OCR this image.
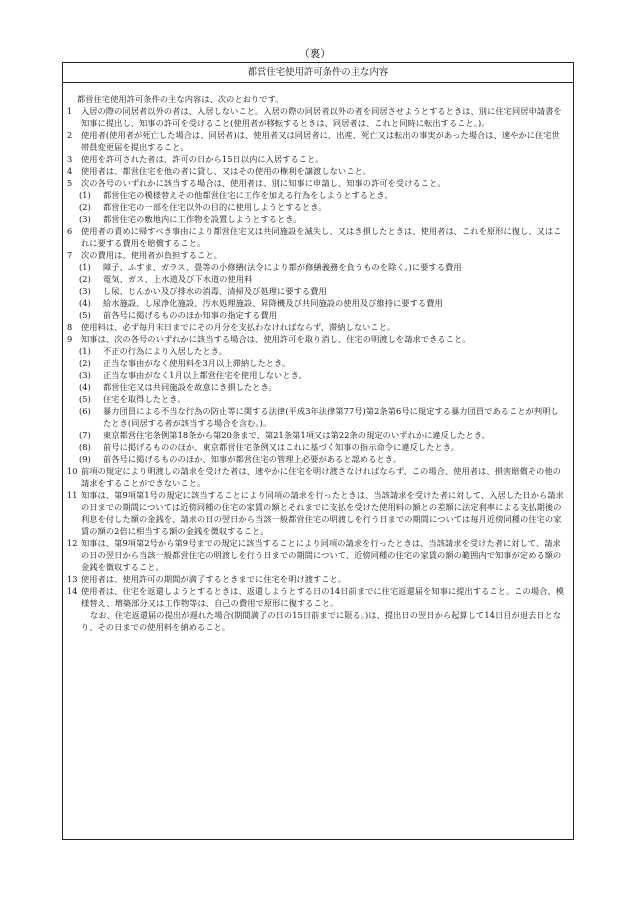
（裏）
都営住宅使用許可条件の主な内容
都営住宅使用許可条件の主な内容は、次のとおりです。
1	入居の際の同居者以外の者は、入居しないこと。入居の際の同居者以外の者を同居させようとするときは、別に住宅同居申請書を知事に提出し、知事の許可を受けること(使用者が移転するときは、同居者は、これと同時に転出すること。)。
2	使用者(使用者が死亡した場合は、同居者)は、使用者又は同居者に、出産、死亡又は転出の事実があった場合は、速やかに住宅世帯員変更届を提出すること。
3	使用を許可された者は、許可の日から15日以内に入居すること。
4	使用者は、都営住宅を他の者に貸し、又はその使用の権利を譲渡しないこと。
5	次の各号のいずれかに該当する場合は、使用者は、別に知事に申請し、知事の許可を受けること。
(1)	都営住宅の模様替えその他都営住宅に工作を加える行為をしようとするとき。
(2)	都営住宅の一部を住宅以外の目的に使用しようとするとき。
(3)	都営住宅の敷地内に工作物を設置しようとするとき。
6	使用者の責めに帰すべき事由により都営住宅又は共同施設を滅失し、又はき損したときは、使用者は、これを原形に復し、又はこれに要する費用を賠償すること。
7	次の費用は、使用者が負担すること。
(1)	障子、ふすま、ガラス、畳等の小修繕(法令により都が修繕義務を負うものを除く。)に要する費用
(2)	電気、ガス、上水道及び下水道の使用料
(3)	し尿、じんかい及び排水の消毒、清掃及び処理に要する費用
(4)	給水施設、し尿浄化施設、汚水処理施設、昇降機及び共同施設の使用及び維持に要する費用
(5)	前各号に掲げるもののほか知事の指定する費用
8	使用料は、必ず毎月末日までにその月分を支払わなければならず、滞納しないこと。
9	知事は、次の各号のいずれかに該当する場合は、使用許可を取り消し、住宅の明渡しを請求できること。
(1)	不正の行為により入居したとき。
(2)	正当な事由がなく使用料を3月以上滞納したとき。
(3)	正当な事由がなく1月以上都営住宅を使用しないとき。
(4)	都営住宅又は共同施設を故意にき損したとき。
(5)	住宅を取得したとき。
(6)	暴力団員による不当な行為の防止等に関する法律(平成3年法律第77号)第2条第6号に規定する暴力団員であることが判明したとき(同居する者が該当する場合を含む。)。
(7)	東京都営住宅条例第18条から第20条まで、第21条第1項又は第22条の規定のいずれかに違反したとき。
(8)	前号に掲げるもののほか、東京都営住宅条例又はこれに基づく知事の指示命令に違反したとき。
(9)	前各号に掲げるもののほか、知事が都営住宅の管理上必要があると認めるとき。
10 前項の規定により明渡しの請求を受けた者は、速やかに住宅を明け渡さなければならず、この場合、使用者は、損害賠償その他の請求をすることができないこと。
11 知事は、第9項第1号の規定に該当することにより同項の請求を行ったときは、当該請求を受けた者に対して、入居した日から請求の日までの期間については近傍同種の住宅の家賃の額とそれまでに支払を受けた使用料の額との差額に法定利率による支払期後の利息を付した額の金銭を、請求の日の翌日から当該一般都営住宅の明渡しを行う日までの期間については毎月近傍同種の住宅の家賃の額の2倍に相当する額の金銭を徴収すること。
12 知事は、第9項第2号から第9号までの規定に該当することにより同項の請求を行ったときは、当該請求を受けた者に対して、請求の日の翌日から当該一般都営住宅の明渡しを行う日までの期間について、近傍同種の住宅の家賃の額の範囲内で知事が定める額の金銭を徴収すること。
13 使用者は、使用許可の期間が満了するときまでに住宅を明け渡すこと。
14 使用者は、住宅を返還しようとするときは、返還しようとする日の14日前までに住宅返還届を知事に提出すること。この場合、模様替え、増築部分又は工作物等は、自己の費用で原形に復すること。
なお、住宅返還届の提出が遅れた場合(期間満了の日の15日前までに限る。)は、提出日の翌日から起算して14日目が退去日となり、その日までの使用料を納めること。
